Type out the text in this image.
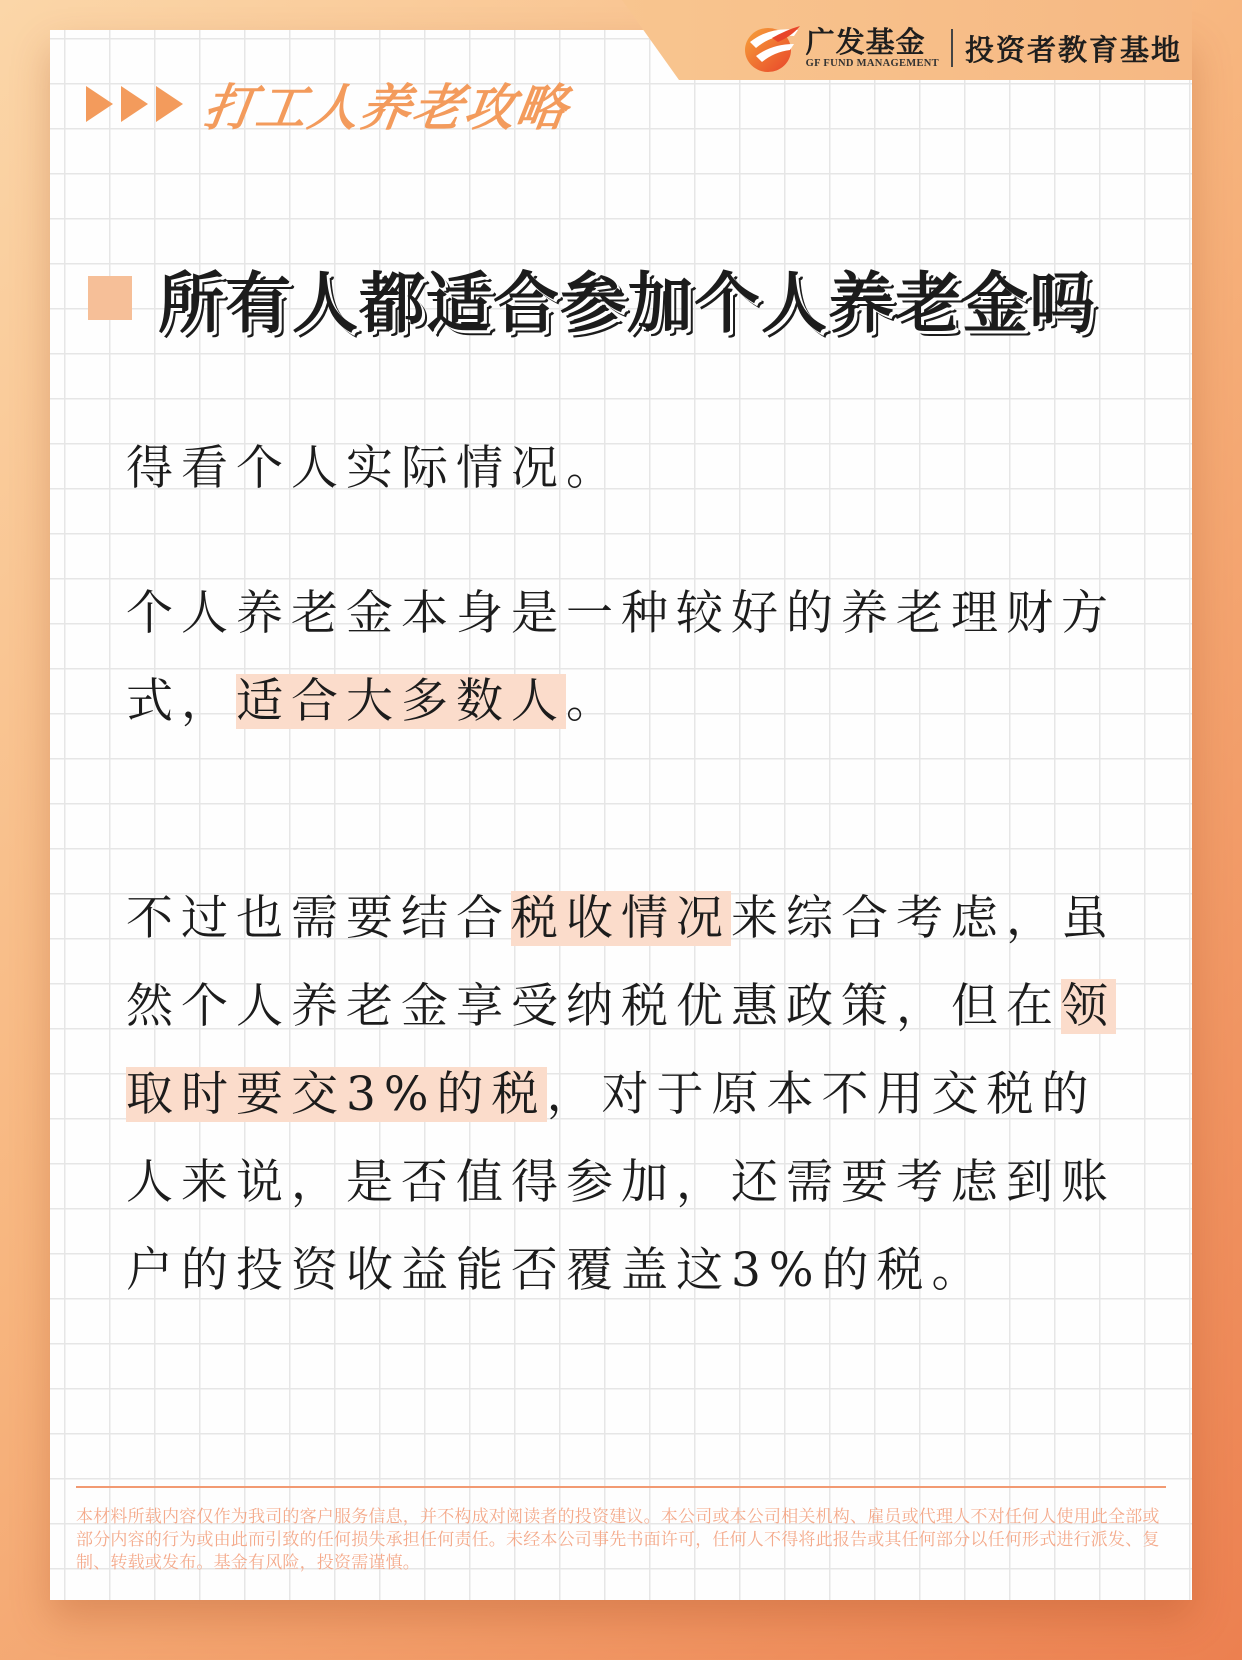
广发基金
GF FUND MANAGEMENT 投资者教育基地
打工人养老攻略
所有人都适合参加个人养老金吗
得看个人实际情况。
个人养老金本身是一种较好的养老理财方式，适合大多数人。
不过也需要结合税收情况来综合考虑，虽然个人养老金享受纳税优惠政策，但在领取时要交3%的税，对于原本不用交税的人来说，是否值得参加，还需要考虑到账户的投资收益能否覆盖这3%的税。
本材料所载内容仅作为我司的客户服务信息，并不构成对阅读者的投资建议。本公司或本公司相关机构、雇员或代理人不对任何人使用此全部或部分内容的行为或由此而引致的任何损失承担任何责任。未经本公司事先书面许可，任何人不得将此报告或其任何部分以任何形式进行派发、复制、转载或发布。基金有风险，投资需谨慎。
